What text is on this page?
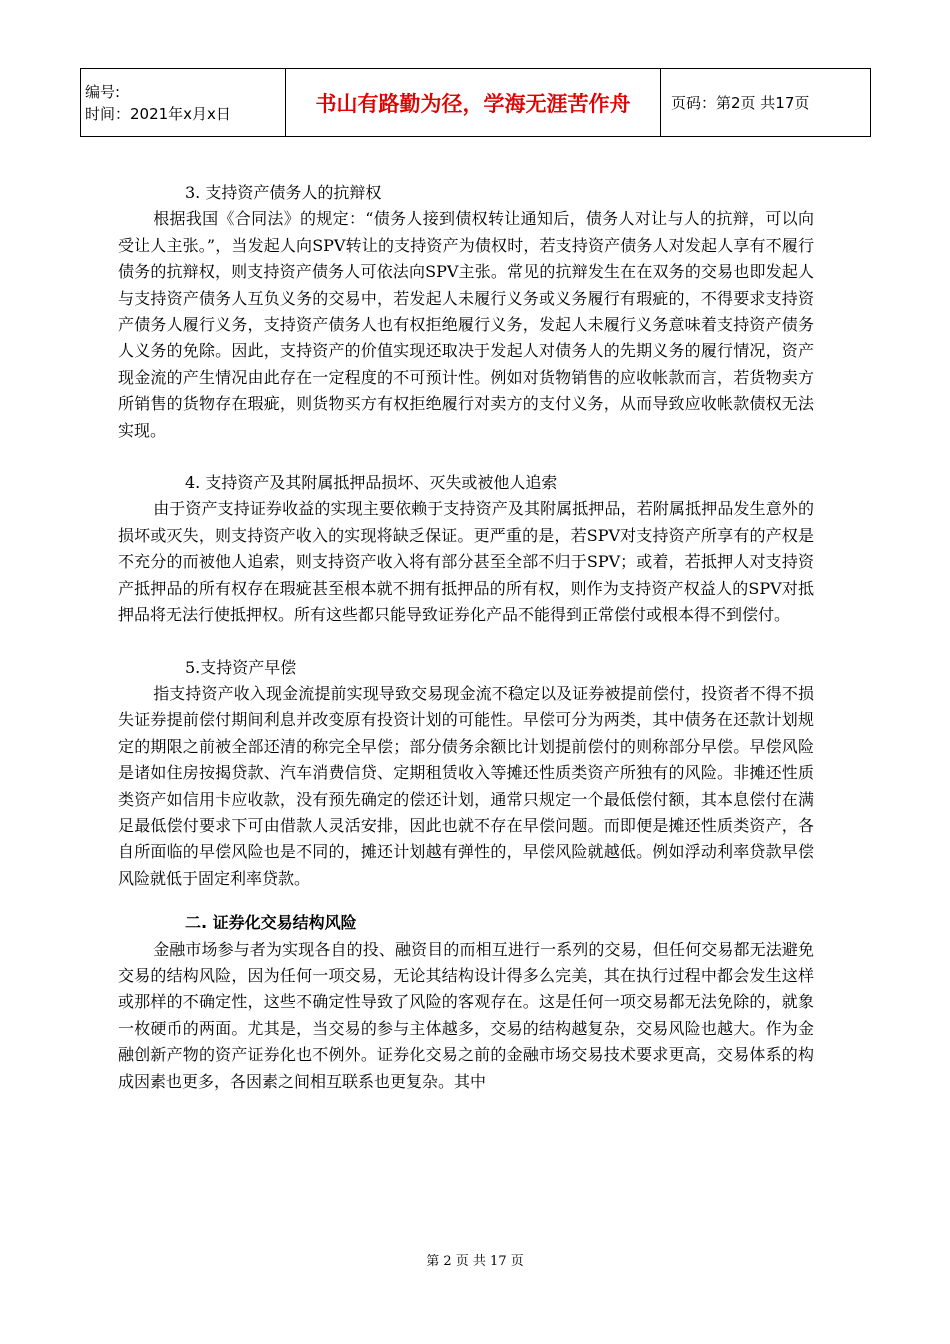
编号:
时间：2021年x月x日	书山有路勤为径，学海无涯苦作舟	页码：第2页 共17页

3. 支持资产债务人的抗辩权

根据我国《合同法》的规定：“债务人接到债权转让通知后，债务人对让与人的抗辩，可以向受让人主张。”，当发起人向SPV转让的支持资产为债权时，若支持资产债务人对发起人享有不履行债务的抗辩权，则支持资产债务人可依法向SPV主张。常见的抗辩发生在在双务的交易也即发起人与支持资产债务人互负义务的交易中，若发起人未履行义务或义务履行有瑕疵的，不得要求支持资产债务人履行义务，支持资产债务人也有权拒绝履行义务，发起人未履行义务意味着支持资产债务人义务的免除。因此，支持资产的价值实现还取决于发起人对债务人的先期义务的履行情况，资产现金流的产生情况由此存在一定程度的不可预计性。例如对货物销售的应收帐款而言，若货物卖方所销售的货物存在瑕疵，则货物买方有权拒绝履行对卖方的支付义务，从而导致应收帐款债权无法实现。

4. 支持资产及其附属抵押品损坏、灭失或被他人追索

由于资产支持证券收益的实现主要依赖于支持资产及其附属抵押品，若附属抵押品发生意外的损坏或灭失，则支持资产收入的实现将缺乏保证。更严重的是，若SPV对支持资产所享有的产权是不充分的而被他人追索，则支持资产收入将有部分甚至全部不归于SPV；或着，若抵押人对支持资产抵押品的所有权存在瑕疵甚至根本就不拥有抵押品的所有权，则作为支持资产权益人的SPV对抵押品将无法行使抵押权。所有这些都只能导致证券化产品不能得到正常偿付或根本得不到偿付。

5.支持资产早偿

指支持资产收入现金流提前实现导致交易现金流不稳定以及证券被提前偿付，投资者不得不损失证券提前偿付期间利息并改变原有投资计划的可能性。早偿可分为两类，其中债务在还款计划规定的期限之前被全部还清的称完全早偿；部分债务余额比计划提前偿付的则称部分早偿。早偿风险是诸如住房按揭贷款、汽车消费信贷、定期租赁收入等摊还性质类资产所独有的风险。非摊还性质类资产如信用卡应收款，没有预先确定的偿还计划，通常只规定一个最低偿付额，其本息偿付在满足最低偿付要求下可由借款人灵活安排，因此也就不存在早偿问题。而即便是摊还性质类资产，各自所面临的早偿风险也是不同的，摊还计划越有弹性的，早偿风险就越低。例如浮动利率贷款早偿风险就低于固定利率贷款。

二. 证券化交易结构风险

金融市场参与者为实现各自的投、融资目的而相互进行一系列的交易，但任何交易都无法避免交易的结构风险，因为任何一项交易，无论其结构设计得多么完美，其在执行过程中都会发生这样或那样的不确定性，这些不确定性导致了风险的客观存在。这是任何一项交易都无法免除的，就象一枚硬币的两面。尤其是，当交易的参与主体越多，交易的结构越复杂，交易风险也越大。作为金融创新产物的资产证券化也不例外。证券化交易之前的金融市场交易技术要求更高，交易体系的构成因素也更多，各因素之间相互联系也更复杂。其中

第 2 页 共 17 页
